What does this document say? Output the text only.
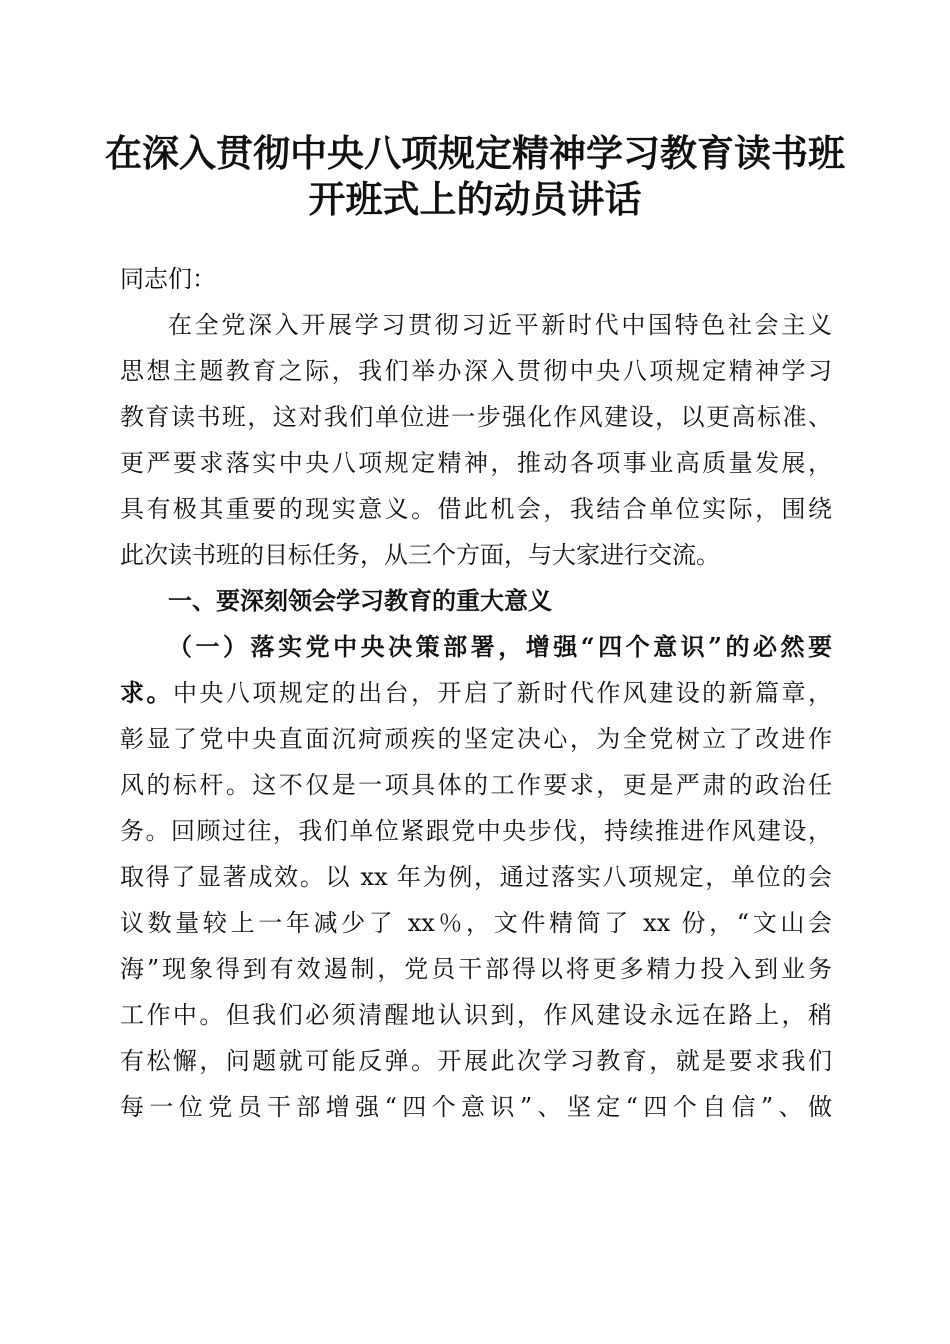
在深入贯彻中央八项规定精神学习教育读书班
开班式上的动员讲话
同志们：
在全党深入开展学习贯彻习近平新时代中国特色社会主义
思想主题教育之际，我们举办深入贯彻中央八项规定精神学习
教育读书班，这对我们单位进一步强化作风建设，以更高标准、
更严要求落实中央八项规定精神，推动各项事业高质量发展，
具有极其重要的现实意义。借此机会，我结合单位实际，围绕
此次读书班的目标任务，从三个方面，与大家进行交流。
一、要深刻领会学习教育的重大意义
（一）落实党中央决策部署，增强“四个意识”的必然要
求。中央八项规定的出台，开启了新时代作风建设的新篇章，
彰显了党中央直面沉疴顽疾的坚定决心，为全党树立了改进作
风的标杆。这不仅是一项具体的工作要求，更是严肃的政治任
务。回顾过往，我们单位紧跟党中央步伐，持续推进作风建设，
取得了显著成效。以 xx 年为例，通过落实八项规定，单位的会
议数量较上一年减少了 xx％，文件精简了 xx 份，“文山会
海”现象得到有效遏制，党员干部得以将更多精力投入到业务
工作中。但我们必须清醒地认识到，作风建设永远在路上，稍
有松懈，问题就可能反弹。开展此次学习教育，就是要求我们
每一位党员干部增强“四个意识”、坚定“四个自信”、做
